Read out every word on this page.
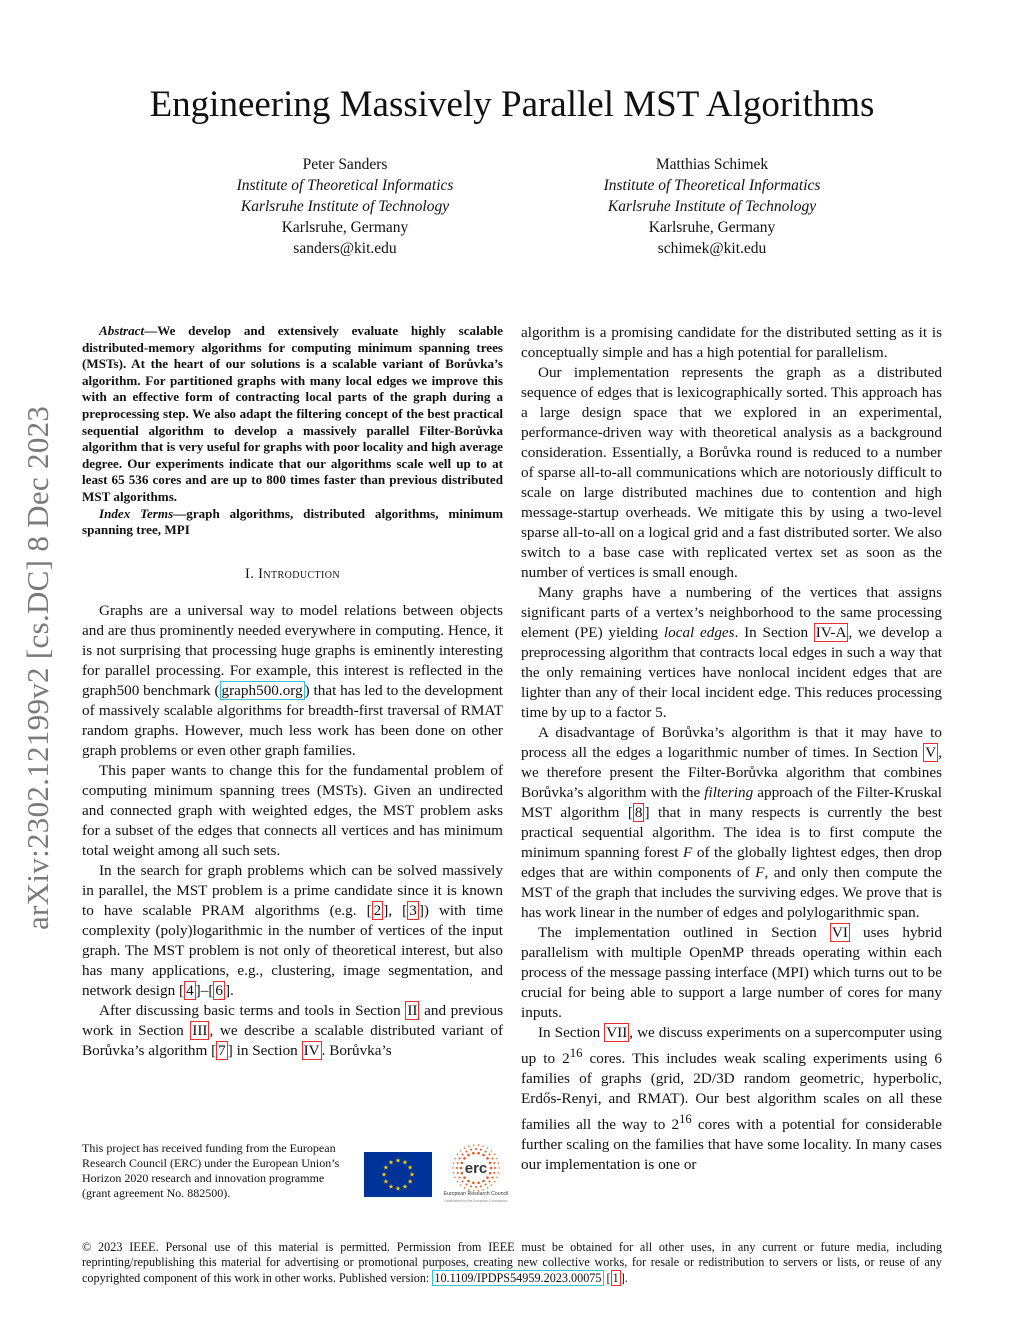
Engineering Massively Parallel MST Algorithms
Peter Sanders
Institute of Theoretical Informatics
Karlsruhe Institute of Technology
Karlsruhe, Germany
sanders@kit.edu
Matthias Schimek
Institute of Theoretical Informatics
Karlsruhe Institute of Technology
Karlsruhe, Germany
schimek@kit.edu
arXiv:2302.12199v2 [cs.DC] 8 Dec 2023

Abstract—We develop and extensively evaluate highly scalable distributed-memory algorithms for computing minimum spanning trees (MSTs). At the heart of our solutions is a scalable variant of Borůvka’s algorithm. For partitioned graphs with many local edges we improve this with an effective form of contracting local parts of the graph during a preprocessing step. We also adapt the filtering concept of the best practical sequential algorithm to develop a massively parallel Filter-Borůvka algorithm that is very useful for graphs with poor locality and high average degree. Our experiments indicate that our algorithms scale well up to at least 65 536 cores and are up to 800 times faster than previous distributed MST algorithms.

Index Terms—graph algorithms, distributed algorithms, minimum spanning tree, MPI

I. Introduction

Graphs are a universal way to model relations between objects and are thus prominently needed everywhere in computing. Hence, it is not surprising that processing huge graphs is eminently interesting for parallel processing. For example, this interest is reflected in the graph500 benchmark ( graph500.org ) that has led to the development of massively scalable algorithms for breadth-first traversal of RMAT random graphs. However, much less work has been done on other graph problems or even other graph families.

This paper wants to change this for the fundamental problem of computing minimum spanning trees (MSTs). Given an undirected and connected graph with weighted edges, the MST problem asks for a subset of the edges that connects all vertices and has minimum total weight among all such sets.

In the search for graph problems which can be solved massively in parallel, the MST problem is a prime candidate since it is known to have scalable PRAM algorithms (e.g. [ 2 ], [ 3 ]) with time complexity (poly)logarithmic in the number of vertices of the input graph. The MST problem is not only of theoretical interest, but also has many applications, e.g., clustering, image segmentation, and network design [ 4 ]–[ 6 ].

After discussing basic terms and tools in Section II and previous work in Section III , we describe a scalable distributed variant of Borůvka’s algorithm [ 7 ] in Section IV . Borůvka’s

algorithm is a promising candidate for the distributed setting as it is conceptually simple and has a high potential for parallelism.

Our implementation represents the graph as a distributed sequence of edges that is lexicographically sorted. This approach has a large design space that we explored in an experimental, performance-driven way with theoretical analysis as a background consideration. Essentially, a Borůvka round is reduced to a number of sparse all-to-all communications which are notoriously difficult to scale on large distributed machines due to contention and high message-startup overheads. We mitigate this by using a two-level sparse all-to-all on a logical grid and a fast distributed sorter. We also switch to a base case with replicated vertex set as soon as the number of vertices is small enough.

Many graphs have a numbering of the vertices that assigns significant parts of a vertex’s neighborhood to the same processing element (PE) yielding local edges. In Section IV-A , we develop a preprocessing algorithm that contracts local edges in such a way that the only remaining vertices have nonlocal incident edges that are lighter than any of their local incident edge. This reduces processing time by up to a factor 5.

A disadvantage of Borůvka’s algorithm is that it may have to process all the edges a logarithmic number of times. In Section V , we therefore present the Filter-Borůvka algorithm that combines Borůvka’s algorithm with the filtering approach of the Filter-Kruskal MST algorithm [ 8 ] that in many respects is currently the best practical sequential algorithm. The idea is to first compute the minimum spanning forest F of the globally lightest edges, then drop edges that are within components of F, and only then compute the MST of the graph that includes the surviving edges. We prove that is has work linear in the number of edges and polylogarithmic span.

The implementation outlined in Section VI uses hybrid parallelism with multiple OpenMP threads operating within each process of the message passing interface (MPI) which turns out to be crucial for being able to support a large number of cores for many inputs.

In Section VII , we discuss experiments on a supercomputer using up to $2^{16}$ cores. This includes weak scaling experiments using 6 families of graphs (grid, 2D/3D random geometric, hyperbolic, Erdős-Renyi, and RMAT). Our best algorithm scales on all these families all the way to $2^{16}$ cores with a potential for considerable further scaling on the families that have some locality. In many cases our implementation is one or

This project has received funding from the European Research Council (ERC) under the European Union’s Horizon 2020 research and innovation programme (grant agreement No. 882500).
erc
European Research Council
Established by the European Commission
© 2023 IEEE. Personal use of this material is permitted. Permission from IEEE must be obtained for all other uses, in any current or future media, including reprinting/republishing this material for advertising or promotional purposes, creating new collective works, for resale or redistribution to servers or lists, or reuse of any copyrighted component of this work in other works. Published version: 10.1109/IPDPS54959.2023.00075 [ 1 ].
